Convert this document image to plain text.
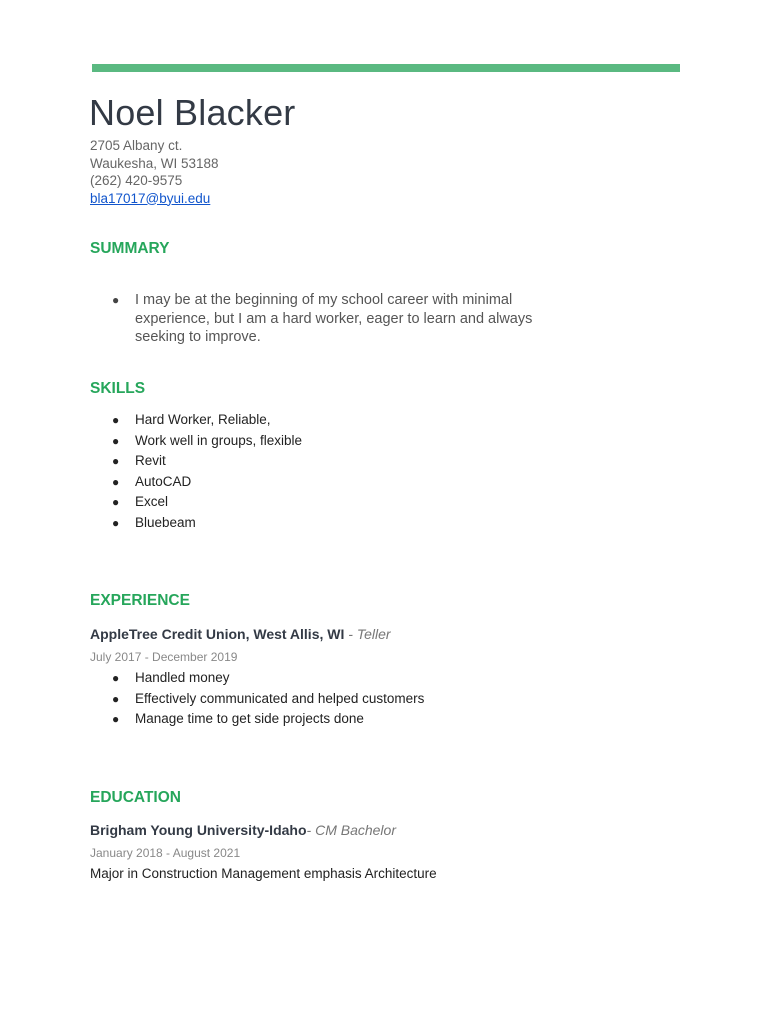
Noel Blacker
2705 Albany ct.
Waukesha, WI 53188
(262) 420-9575
bla17017@byui.edu
SUMMARY
● I may be at the beginning of my school career with minimal experience, but I am a hard worker, eager to learn and always seeking to improve.
SKILLS
● Hard Worker, Reliable,
● Work well in groups, flexible
● Revit
● AutoCAD
● Excel
● Bluebeam
EXPERIENCE
AppleTree Credit Union, West Allis, WI - Teller
July 2017 - December 2019
● Handled money
● Effectively communicated and helped customers
● Manage time to get side projects done
EDUCATION
Brigham Young University-Idaho- CM Bachelor
January 2018 - August 2021
Major in Construction Management emphasis Architecture
